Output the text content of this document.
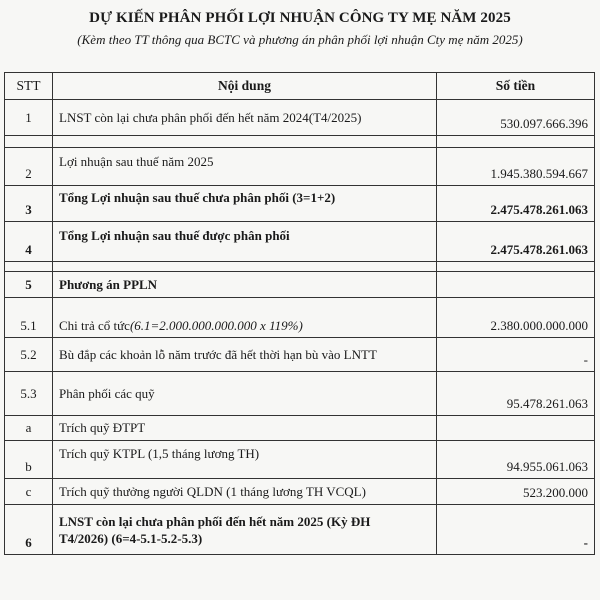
DỰ KIẾN PHÂN PHỐI LỢI NHUẬN CÔNG TY MẸ NĂM 2025
(Kèm theo TT thông qua BCTC và phương án phân phối lợi nhuận Cty mẹ năm 2025)
STT	Nội dung	Số tiền
1	LNST còn lại chưa phân phối đến hết năm 2024(T4/2025)	530.097.666.396

2	Lợi nhuận sau thuế năm 2025	1.945.380.594.667
3	Tổng Lợi nhuận sau thuế chưa phân phối (3=1+2)	2.475.478.261.063
4	Tổng Lợi nhuận sau thuế được phân phối	2.475.478.261.063

5	Phương án PPLN	
5.1	Chi trả cổ tức(6.1=2.000.000.000.000 x 119%)	2.380.000.000.000
5.2	Bù đắp các khoản lỗ năm trước đã hết thời hạn bù vào LNTT	-
5.3	Phân phối các quỹ	95.478.261.063
a	Trích quỹ ĐTPT	
b	Trích quỹ KTPL (1,5 tháng lương TH)	94.955.061.063
c	Trích quỹ thưởng người QLDN (1 tháng lương TH VCQL)	523.200.000
6	LNST còn lại chưa phân phối đến hết năm 2025 (Kỳ ĐH
T4/2026) (6=4-5.1-5.2-5.3)	-
